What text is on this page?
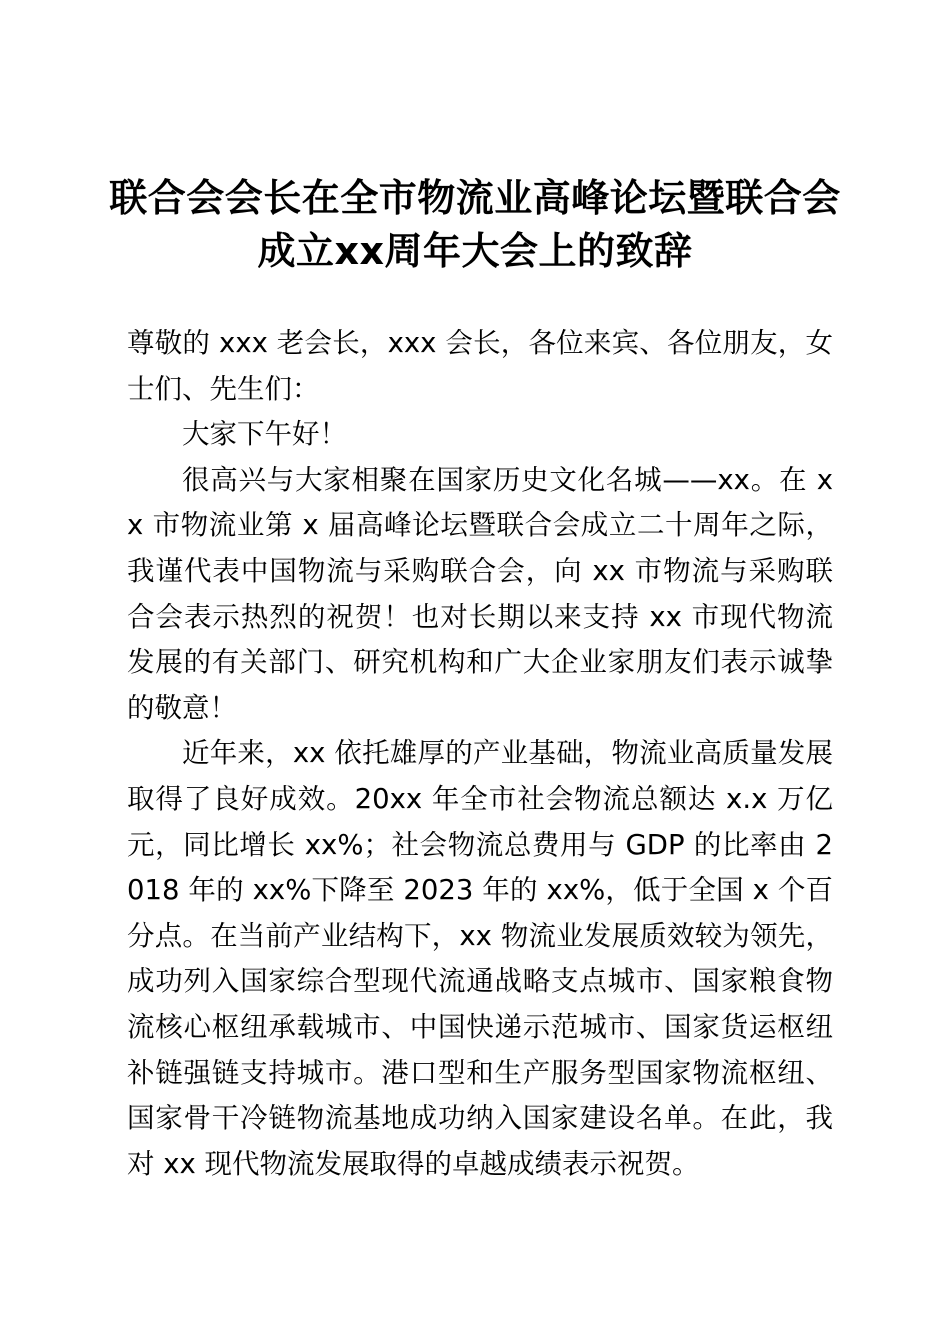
联合会会长在全市物流业高峰论坛暨联合会成立xx周年大会上的致辞

尊敬的 xxx 老会长，xxx 会长，各位来宾、各位朋友，女士们、先生们：

大家下午好！

很高兴与大家相聚在国家历史文化名城——xx。在 xx 市物流业第 x 届高峰论坛暨联合会成立二十周年之际，我谨代表中国物流与采购联合会，向 xx 市物流与采购联合会表示热烈的祝贺！也对长期以来支持 xx 市现代物流发展的有关部门、研究机构和广大企业家朋友们表示诚挚的敬意！

近年来，xx 依托雄厚的产业基础，物流业高质量发展取得了良好成效。20xx 年全市社会物流总额达 x.x 万亿元，同比增长 xx%；社会物流总费用与 GDP 的比率由 2018 年的 xx%下降至 2023 年的 xx%，低于全国 x 个百分点。在当前产业结构下，xx 物流业发展质效较为领先，成功列入国家综合型现代流通战略支点城市、国家粮食物流核心枢纽承载城市、中国快递示范城市、国家货运枢纽补链强链支持城市。港口型和生产服务型国家物流枢纽、国家骨干冷链物流基地成功纳入国家建设名单。在此，我对 xx 现代物流发展取得的卓越成绩表示祝贺。
